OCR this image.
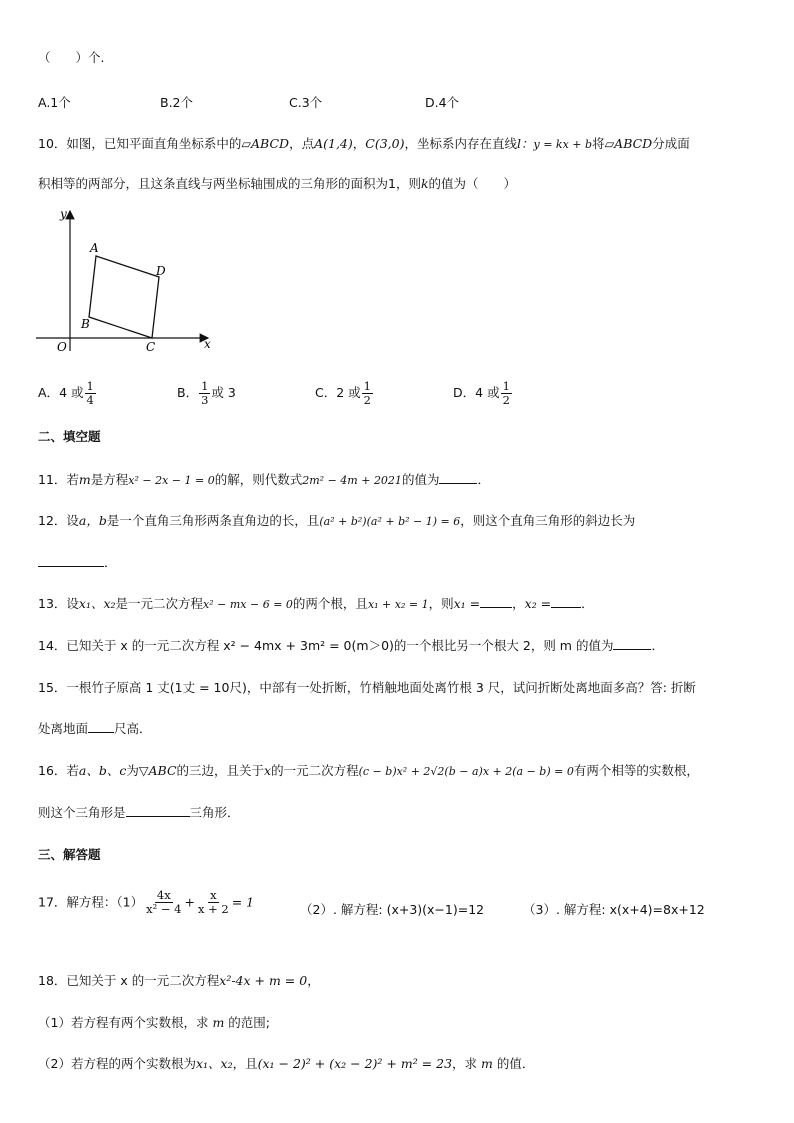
（　　）个.
A.1个	B.2个	C.3个	D.4个
10．如图，已知平面直角坐标系中的▱ABCD，点A(1,4)，C(3,0)，坐标系内存在直线l：y = kx + b将▱ABCD分成面
积相等的两部分，且这条直线与两坐标轴围成的三角形的面积为1，则k的值为（　　）
y
x
O
A
B
C
D
A．4 或 $\frac{1}{4}$	B． $\frac{1}{3}$ 或 3	C．2 或 $\frac{1}{2}$	D．4 或 $\frac{1}{2}$
二、填空题
11．若m是方程x² − 2x − 1 = 0的解，则代数式2m² − 4m + 2021的值为	．
12．设a，b是一个直角三角形两条直角边的长，且(a² + b²)(a² + b² − 1) = 6，则这个直角三角形的斜边长为
．
13．设x₁、x₂是一元二次方程x² − mx − 6 = 0的两个根，且x₁ + x₂ = 1，则x₁ =	，x₂ = ．
14．已知关于 x 的一元二次方程 x² − 4mx + 3m² = 0(m＞0)的一个根比另一个根大 2，则 m 的值为	．
15．一根竹子原高 1 丈(1丈 = 10尺)，中部有一处折断，竹梢触地面处离竹根 3 尺，试问折断处离地面多高？答: 折断
处离地面 尺高．
16．若a、b、c为▽ABC的三边，且关于x的一元二次方程(c − b)x² + 2√2(b − a)x + 2(a − b) = 0有两个相等的实数根，
则这个三角形是	三角形．
三、解答题
17．解方程：$(1) \frac{4x}{\text{x² − 4}} + \frac{x}{x + 2} = 1$	（2）. 解方程: (x+3)(x−1)=12	（3）. 解方程: x(x+4)=8x+12
18．已知关于 x 的一元二次方程x²-4x + m = 0，
（1）若方程有两个实数根，求 m 的范围;
（2）若方程的两个实数根为x₁、x₂，且(x₁ − 2)² + (x₂ − 2)² + m² = 23，求 m 的值．
